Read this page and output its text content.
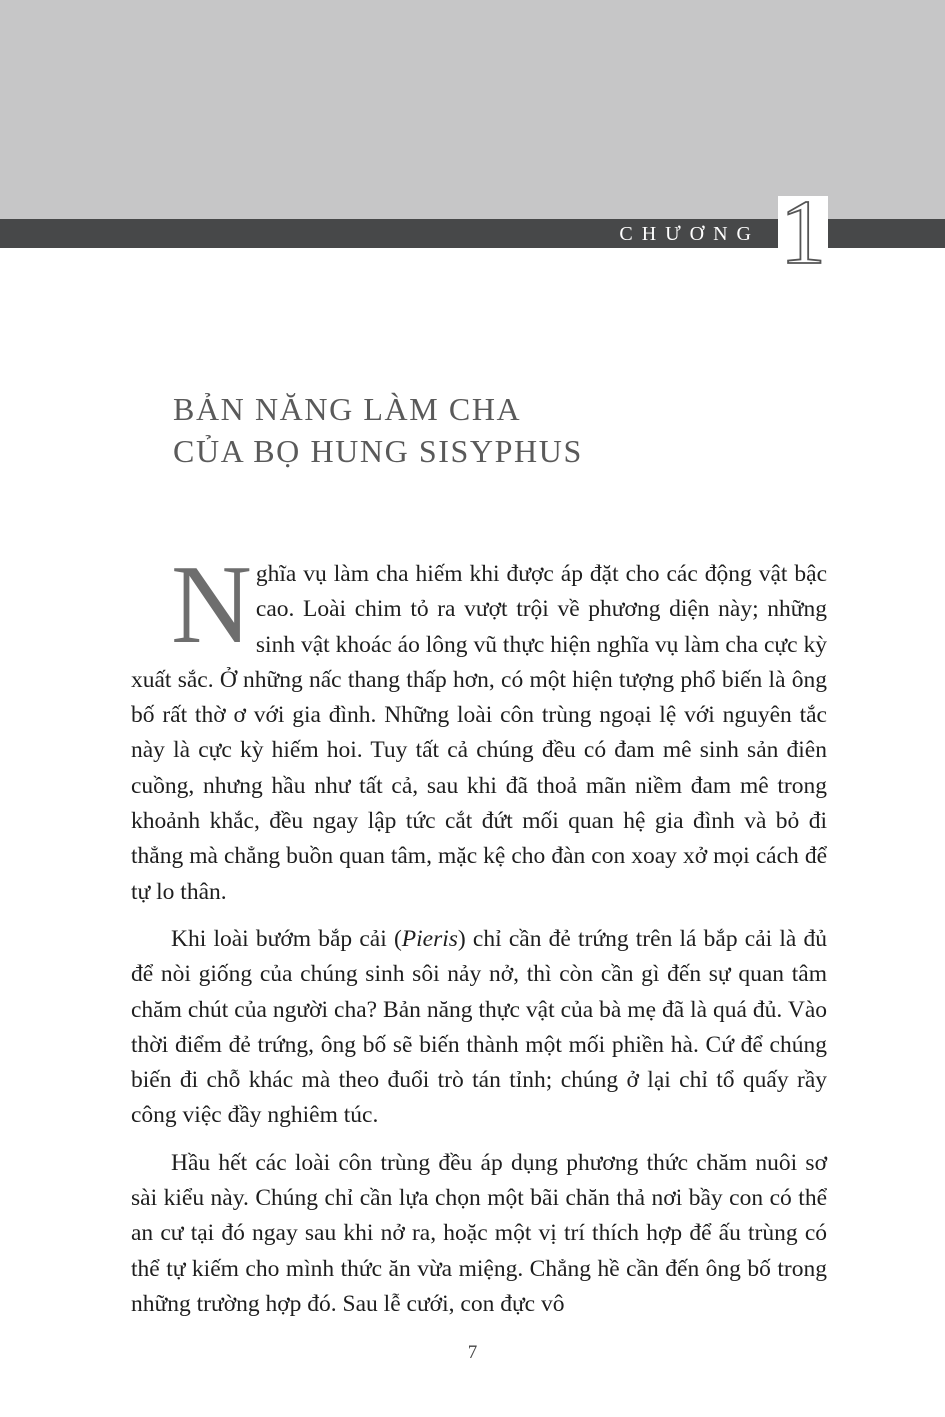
CHƯƠNG 1
BẢN NĂNG LÀM CHA
CỦA BỌ HUNG SISYPHUS

Nghĩa vụ làm cha hiếm khi được áp đặt cho các động vật bậc cao. Loài chim tỏ ra vượt trội về phương diện này; những sinh vật khoác áo lông vũ thực hiện nghĩa vụ làm cha cực kỳ xuất sắc. Ở những nấc thang thấp hơn, có một hiện tượng phổ biến là ông bố rất thờ ơ với gia đình. Những loài côn trùng ngoại lệ với nguyên tắc này là cực kỳ hiếm hoi. Tuy tất cả chúng đều có đam mê sinh sản điên cuồng, nhưng hầu như tất cả, sau khi đã thoả mãn niềm đam mê trong khoảnh khắc, đều ngay lập tức cắt đứt mối quan hệ gia đình và bỏ đi thẳng mà chẳng buồn quan tâm, mặc kệ cho đàn con xoay xở mọi cách để tự lo thân.

Khi loài bướm bắp cải (Pieris) chỉ cần đẻ trứng trên lá bắp cải là đủ để nòi giống của chúng sinh sôi nảy nở, thì còn cần gì đến sự quan tâm chăm chút của người cha? Bản năng thực vật của bà mẹ đã là quá đủ. Vào thời điểm đẻ trứng, ông bố sẽ biến thành một mối phiền hà. Cứ để chúng biến đi chỗ khác mà theo đuổi trò tán tỉnh; chúng ở lại chỉ tổ quấy rầy công việc đầy nghiêm túc.

Hầu hết các loài côn trùng đều áp dụng phương thức chăm nuôi sơ sài kiểu này. Chúng chỉ cần lựa chọn một bãi chăn thả nơi bầy con có thể an cư tại đó ngay sau khi nở ra, hoặc một vị trí thích hợp để ấu trùng có thể tự kiếm cho mình thức ăn vừa miệng. Chẳng hề cần đến ông bố trong những trường hợp đó. Sau lễ cưới, con đực vô

7
